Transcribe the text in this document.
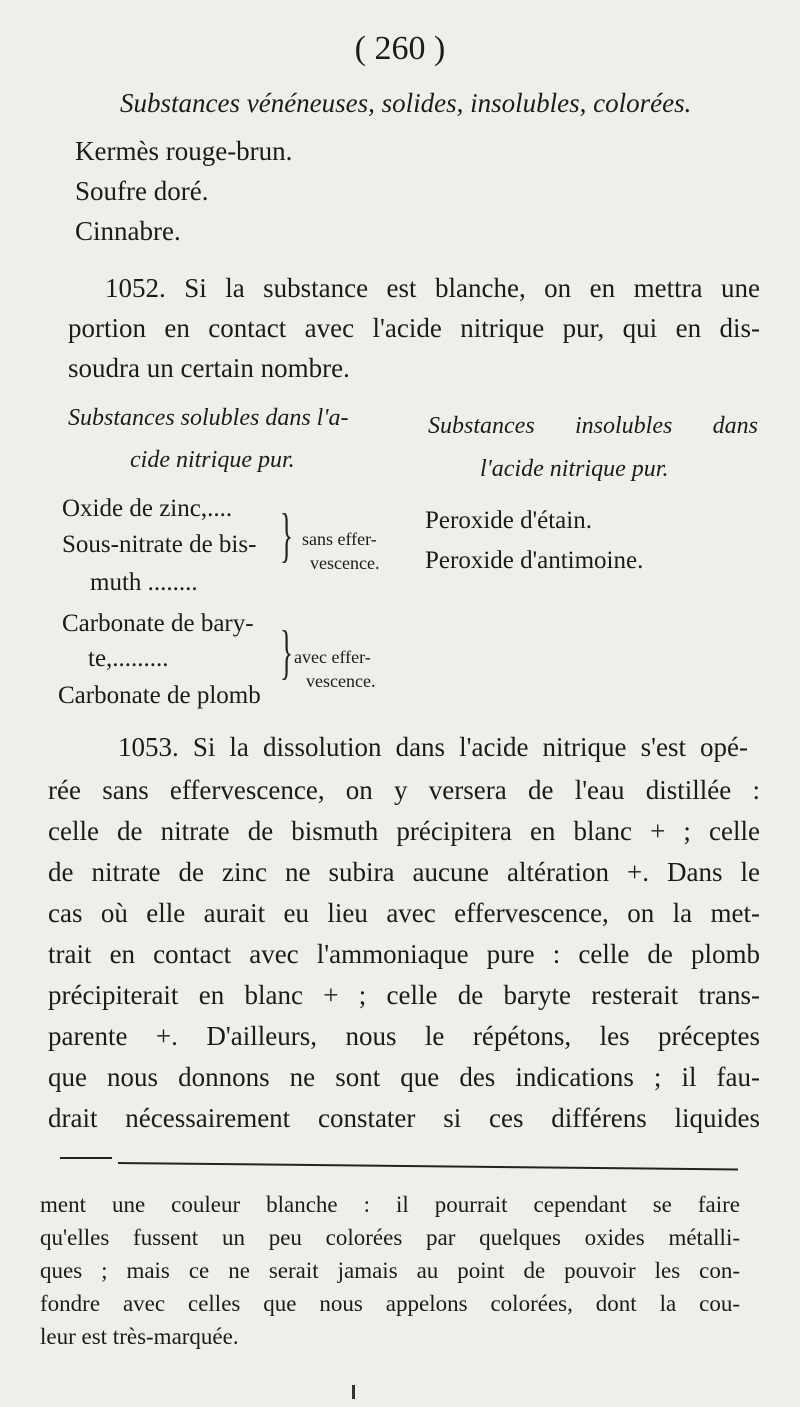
( 260 )
Substances vénéneuses, solides, insolubles, colorées.
Kermès rouge-brun.
Soufre doré.
Cinnabre.
1052. Si la substance est blanche, on en mettra une
portion en contact avec l'acide nitrique pur, qui en dis-
soudra un certain nombre.
Substances solubles dans l'a-
cide nitrique pur.
Substances insolubles dans
l'acide nitrique pur.
Oxide de zinc,....
Sous-nitrate de bis-
muth ........
} sans effer-
vescence.
Carbonate de bary-
te,.........
Carbonate de plomb
} avec effer-
vescence.
Peroxide d'étain.
Peroxide d'antimoine.
1053. Si la dissolution dans l'acide nitrique s'est opé-
rée sans effervescence, on y versera de l'eau distillée :
celle de nitrate de bismuth précipitera en blanc + ; celle
de nitrate de zinc ne subira aucune altération +. Dans le
cas où elle aurait eu lieu avec effervescence, on la met-
trait en contact avec l'ammoniaque pure : celle de plomb
précipiterait en blanc + ; celle de baryte resterait trans-
parente +. D'ailleurs, nous le répétons, les préceptes
que nous donnons ne sont que des indications ; il fau-
drait nécessairement constater si ces différens liquides
ment une couleur blanche : il pourrait cependant se faire
qu'elles fussent un peu colorées par quelques oxides métalli-
ques ; mais ce ne serait jamais au point de pouvoir les con-
fondre avec celles que nous appelons colorées, dont la cou-
leur est très-marquée.
